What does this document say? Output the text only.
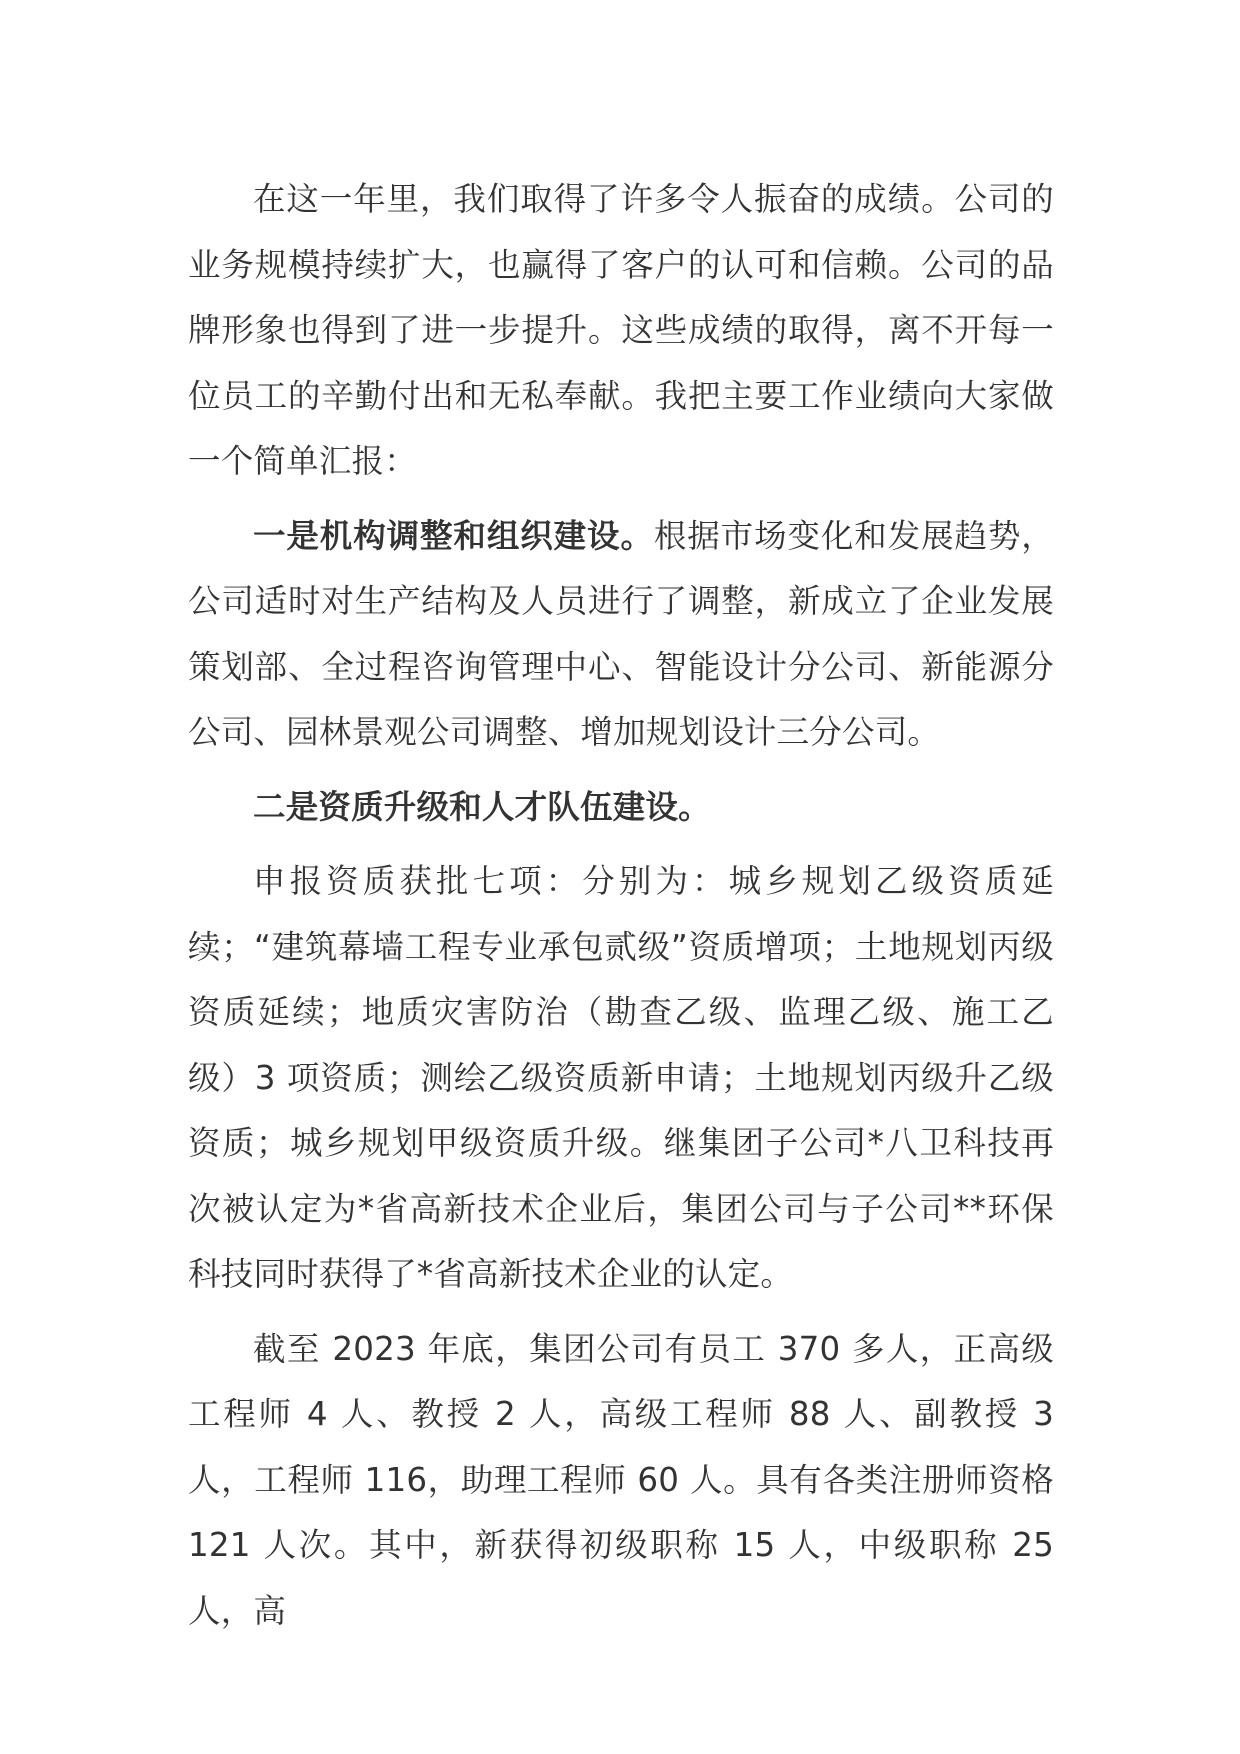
在这一年里，我们取得了许多令人振奋的成绩。公司的业务规模持续扩大，也赢得了客户的认可和信赖。公司的品牌形象也得到了进一步提升。这些成绩的取得，离不开每一位员工的辛勤付出和无私奉献。我把主要工作业绩向大家做一个简单汇报：

一是机构调整和组织建设。根据市场变化和发展趋势，公司适时对生产结构及人员进行了调整，新成立了企业发展策划部、全过程咨询管理中心、智能设计分公司、新能源分公司、园林景观公司调整、增加规划设计三分公司。

二是资质升级和人才队伍建设。

申报资质获批七项：分别为：城乡规划乙级资质延续；“建筑幕墙工程专业承包贰级”资质增项；土地规划丙级资质延续；地质灾害防治（勘查乙级、监理乙级、施工乙级）3 项资质；测绘乙级资质新申请；土地规划丙级升乙级资质；城乡规划甲级资质升级。继集团子公司*八卫科技再次被认定为*省高新技术企业后，集团公司与子公司**环保科技同时获得了*省高新技术企业的认定。

截至 2023 年底，集团公司有员工 370 多人，正高级工程师 4 人、教授 2 人，高级工程师 88 人、副教授 3 人，工程师 116，助理工程师 60 人。具有各类注册师资格 121 人次。其中，新获得初级职称 15 人，中级职称 25 人，高
